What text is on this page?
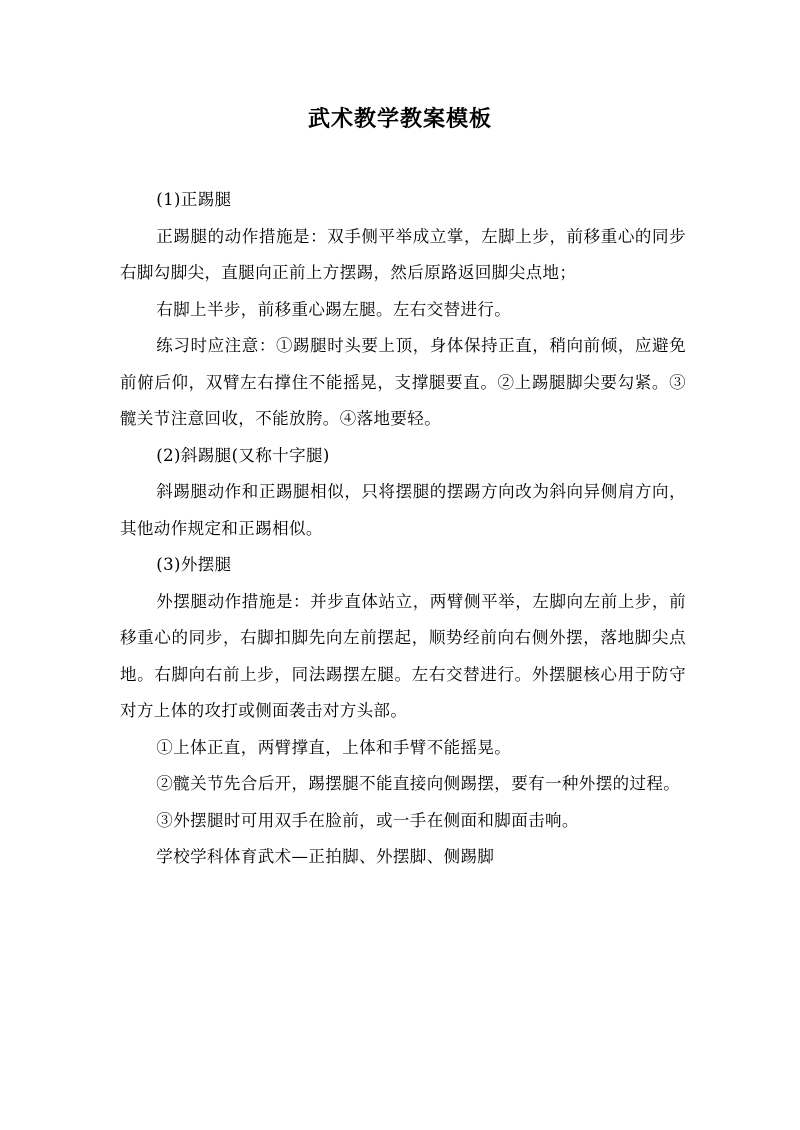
武术教学教案模板

(1)正踢腿

正踢腿的动作措施是：双手侧平举成立掌，左脚上步，前移重心的同步右脚勾脚尖，直腿向正前上方摆踢，然后原路返回脚尖点地；

右脚上半步，前移重心踢左腿。左右交替进行。

练习时应注意：①踢腿时头要上顶，身体保持正直，稍向前倾，应避免前俯后仰，双臂左右撑住不能摇晃，支撑腿要直。②上踢腿脚尖要勾紧。③髋关节注意回收，不能放胯。④落地要轻。

(2)斜踢腿(又称十字腿)

斜踢腿动作和正踢腿相似，只将摆腿的摆踢方向改为斜向异侧肩方向，其他动作规定和正踢相似。

(3)外摆腿

外摆腿动作措施是：并步直体站立，两臂侧平举，左脚向左前上步，前移重心的同步，右脚扣脚先向左前摆起，顺势经前向右侧外摆，落地脚尖点地。右脚向右前上步，同法踢摆左腿。左右交替进行。外摆腿核心用于防守对方上体的攻打或侧面袭击对方头部。

①上体正直，两臂撑直，上体和手臂不能摇晃。

②髋关节先合后开，踢摆腿不能直接向侧踢摆，要有一种外摆的过程。

③外摆腿时可用双手在脸前，或一手在侧面和脚面击响。

学校学科体育武术—正拍脚、外摆脚、侧踢脚
